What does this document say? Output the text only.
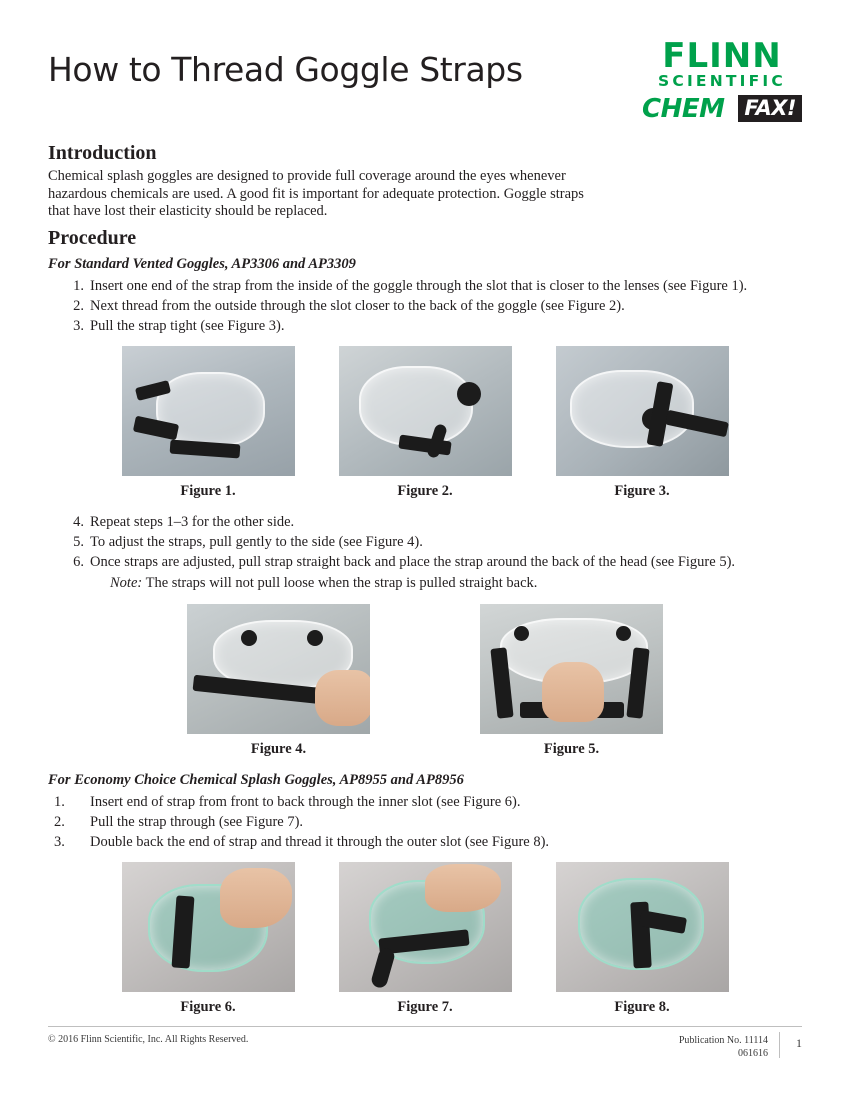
How to Thread Goggle Straps	FLINN
SCIENTIFIC
CHEM FAX!
Introduction

Chemical splash goggles are designed to provide full coverage around the eyes whenever hazardous chemicals are used. A good fit is important for adequate protection. Goggle straps that have lost their elasticity should be replaced.

Procedure
For Standard Vented Goggles, AP3306 and AP3309
1. Insert one end of the strap from the inside of the goggle through the slot that is closer to the lenses (see Figure 1).
2. Next thread from the outside through the slot closer to the back of the goggle (see Figure 2).
3. Pull the strap tight (see Figure 3).
Figure 1.	Figure 2.	Figure 3.
4. Repeat steps 1–3 for the other side.
5. To adjust the straps, pull gently to the side (see Figure 4).
6. Once straps are adjusted, pull strap straight back and place the strap around the back of the head (see Figure 5).
Note: The straps will not pull loose when the strap is pulled straight back.
Figure 4.	Figure 5.
For Economy Choice Chemical Splash Goggles, AP8955 and AP8956
1.	Insert end of strap from front to back through the inner slot (see Figure 6).
2.	Pull the strap through (see Figure 7).
3.	Double back the end of strap and thread it through the outer slot (see Figure 8).
Figure 6.	Figure 7.	Figure 8.
© 2016 Flinn Scientific, Inc. All Rights Reserved.	Publication No. 11114
061616
1
